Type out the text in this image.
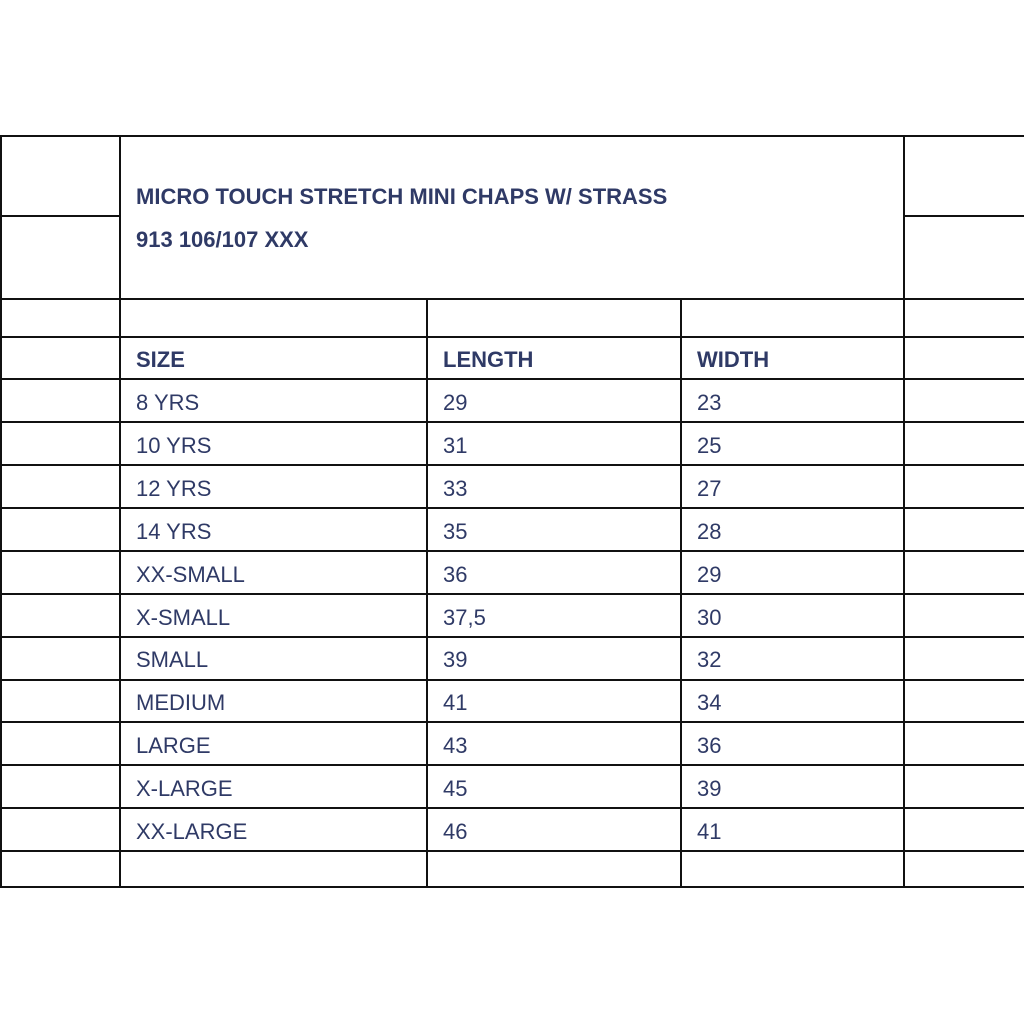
MICRO TOUCH STRETCH MINI CHAPS W/ STRASS
913 106/107 XXX
SIZE	LENGTH	WIDTH
8 YRS	29	23
10 YRS	31	25
12 YRS	33	27
14 YRS	35	28
XX-SMALL	36	29
X-SMALL	37,5	30
SMALL	39	32
MEDIUM	41	34
LARGE	43	36
X-LARGE	45	39
XX-LARGE	46	41
